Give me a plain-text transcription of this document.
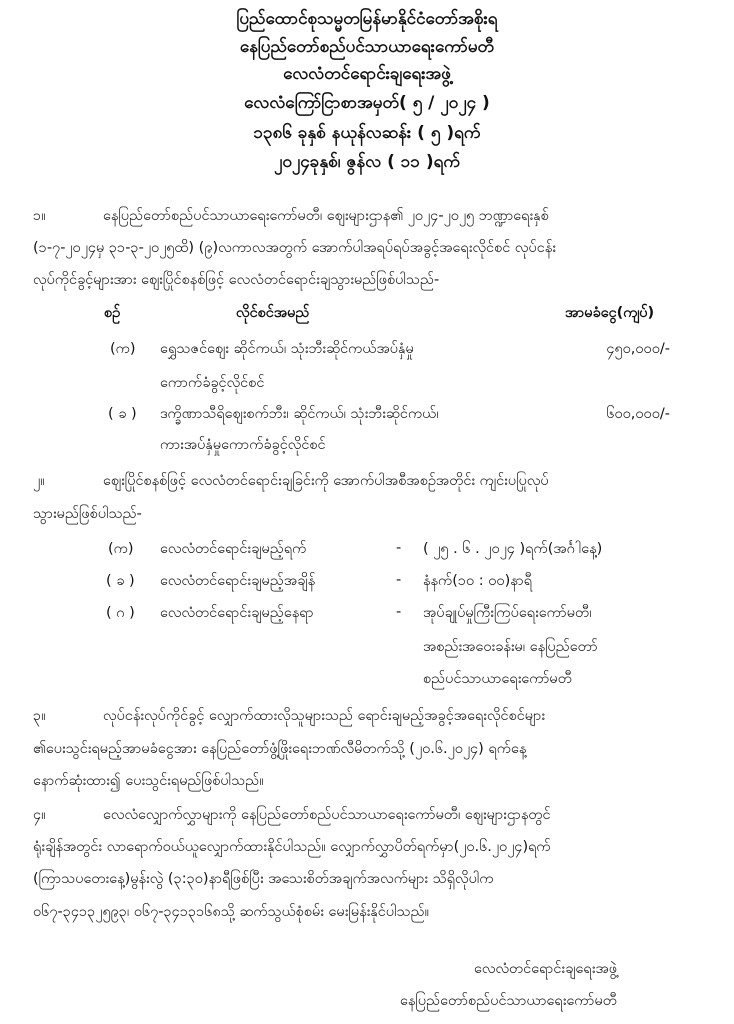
ပြည်ထောင်စုသမ္မတမြန်မာနိုင်ငံတော်အစိုးရ
နေပြည်တော်စည်ပင်သာယာရေးကော်မတီ
လေလံတင်ရောင်းချရေးအဖွဲ့
လေလံကြော်ငြာစာအမှတ်( ၅ / ၂၀၂၄ )
၁၃၈၆ ခုနှစ် နယုန်လဆန်း ( ၅ )ရက်
၂၀၂၄ခုနှစ်၊ ဇွန်လ ( ၁၁ )ရက်
၁။	နေပြည်တော်စည်ပင်သာယာရေးကော်မတီ၊ ဈေးများဌာန၏ ၂၀၂၄-၂၀၂၅ ဘဏ္ဍာရေးနှစ်
(၁-၇-၂၀၂၄မှ ၃၁-၃-၂၀၂၅ထိ) (၉)လကာလအတွက် အောက်ပါအရပ်ရပ်အခွင့်အရေးလိုင်စင် လုပ်ငန်း
လုပ်ကိုင်ခွင့်များအား ဈေးပြိုင်စနစ်ဖြင့် လေလံတင်ရောင်းချသွားမည်ဖြစ်ပါသည်-
စဉ်	လိုင်စင်အမည်	အာမခံငွေ(ကျပ်)
(က) ရွှေသဇင်ဈေး ဆိုင်ကယ်၊ သုံးဘီးဆိုင်ကယ်အပ်နှံမှု
ကောက်ခံခွင့်လိုင်စင်
၄၅၀,၀၀၀/-
( ခ ) ဒက္ခိဏာသီရိဈေးစက်ဘီး၊ ဆိုင်ကယ်၊ သုံးဘီးဆိုင်ကယ်၊
ကားအပ်နှံမှုကောက်ခံခွင့်လိုင်စင်
၆၀၀,၀၀၀/-
၂။	ဈေးပြိုင်စနစ်ဖြင့် လေလံတင်ရောင်းချခြင်းကို အောက်ပါအစီအစဉ်အတိုင်း ကျင်းပပြုလုပ်
သွားမည်ဖြစ်ပါသည်-
(က) လေလံတင်ရောင်းချမည့်ရက်	- ( ၂၅ . ၆ . ၂၀၂၄ )ရက်(အင်္ဂါနေ့)
( ခ ) လေလံတင်ရောင်းချမည့်အချိန်	- နံနက်(၁၀ : ၀၀)နာရီ
( ဂ ) လေလံတင်ရောင်းချမည့်နေရာ	- အုပ်ချုပ်မှုကြီးကြပ်ရေးကော်မတီ၊
အစည်းအဝေးခန်းမ၊ နေပြည်တော်
စည်ပင်သာယာရေးကော်မတီ
၃။	လုပ်ငန်းလုပ်ကိုင်ခွင့် လျှောက်ထားလိုသူများသည် ရောင်းချမည့်အခွင့်အရေးလိုင်စင်များ
၏ပေးသွင်းရမည့်အာမခံငွေအား နေပြည်တော်ဖွံ့ဖြိုးရေးဘဏ်လီမိတက်သို့ (၂၀.၆.၂၀၂၄) ရက်နေ့
နောက်ဆုံးထား၍ ပေးသွင်းရမည်ဖြစ်ပါသည်။
၄။	လေလံလျှောက်လွှာများကို နေပြည်တော်စည်ပင်သာယာရေးကော်မတီ၊ ဈေးများဌာနတွင်
ရုံးချိန်အတွင်း လာရောက်ဝယ်ယူလျှောက်ထားနိုင်ပါသည်။ လျှောက်လွှာပိတ်ရက်မှာ(၂၀.၆.၂၀၂၄)ရက်
(ကြာသပတေးနေ့)မွန်းလွဲ (၃:၃၀)နာရီဖြစ်ပြီး အသေးစိတ်အချက်အလက်များ သိရှိလိုပါက
၀၆၇-၃၄၁၃၂၅၉၃၊ ၀၆၇-၃၄၁၃၁၆၈သို့ ဆက်သွယ်စုံစမ်း မေးမြန်းနိုင်ပါသည်။
လေလံတင်ရောင်းချရေးအဖွဲ့
နေပြည်တော်စည်ပင်သာယာရေးကော်မတီ
